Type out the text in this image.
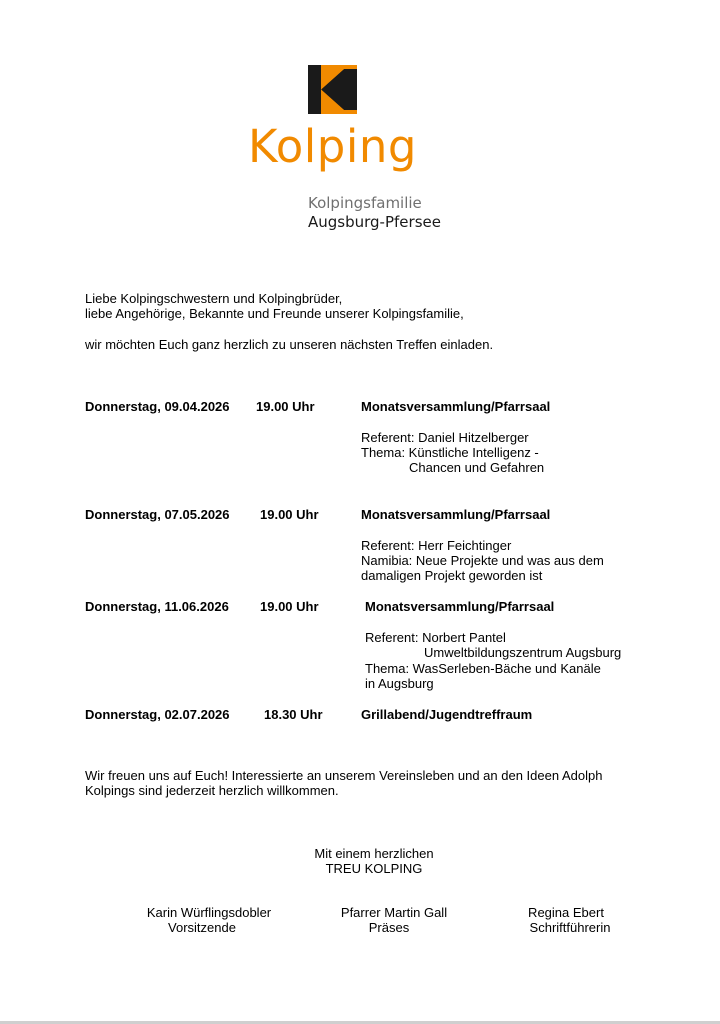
Kolping
Kolpingsfamilie
Augsburg-Pfersee
Liebe Kolpingschwestern und Kolpingbrüder,
liebe Angehörige, Bekannte und Freunde unserer Kolpingsfamilie,
wir möchten Euch ganz herzlich zu unseren nächsten Treffen einladen.
Donnerstag, 09.04.2026 19.00 Uhr	Monatsversammlung/Pfarrsaal
Referent: Daniel Hitzelberger
Thema: Künstliche Intelligenz -
Chancen und Gefahren
Donnerstag, 07.05.2026 19.00 Uhr	Monatsversammlung/Pfarrsaal
Referent: Herr Feichtinger
Namibia: Neue Projekte und was aus dem
damaligen Projekt geworden ist
Donnerstag, 11.06.2026 19.00 Uhr	Monatsversammlung/Pfarrsaal
Referent: Norbert Pantel
Umweltbildungszentrum Augsburg
Thema: WasSerleben-Bäche und Kanäle
in Augsburg
Donnerstag, 02.07.2026	18.30 Uhr	Grillabend/Jugendtreffraum
Wir freuen uns auf Euch! Interessierte an unserem Vereinsleben und an den Ideen Adolph
Kolpings sind jederzeit herzlich willkommen.
Mit einem herzlichen
TREU KOLPING
Karin Würflingsdobler
Vorsitzende
Pfarrer Martin Gall
Präses
Regina Ebert
Schriftführerin
